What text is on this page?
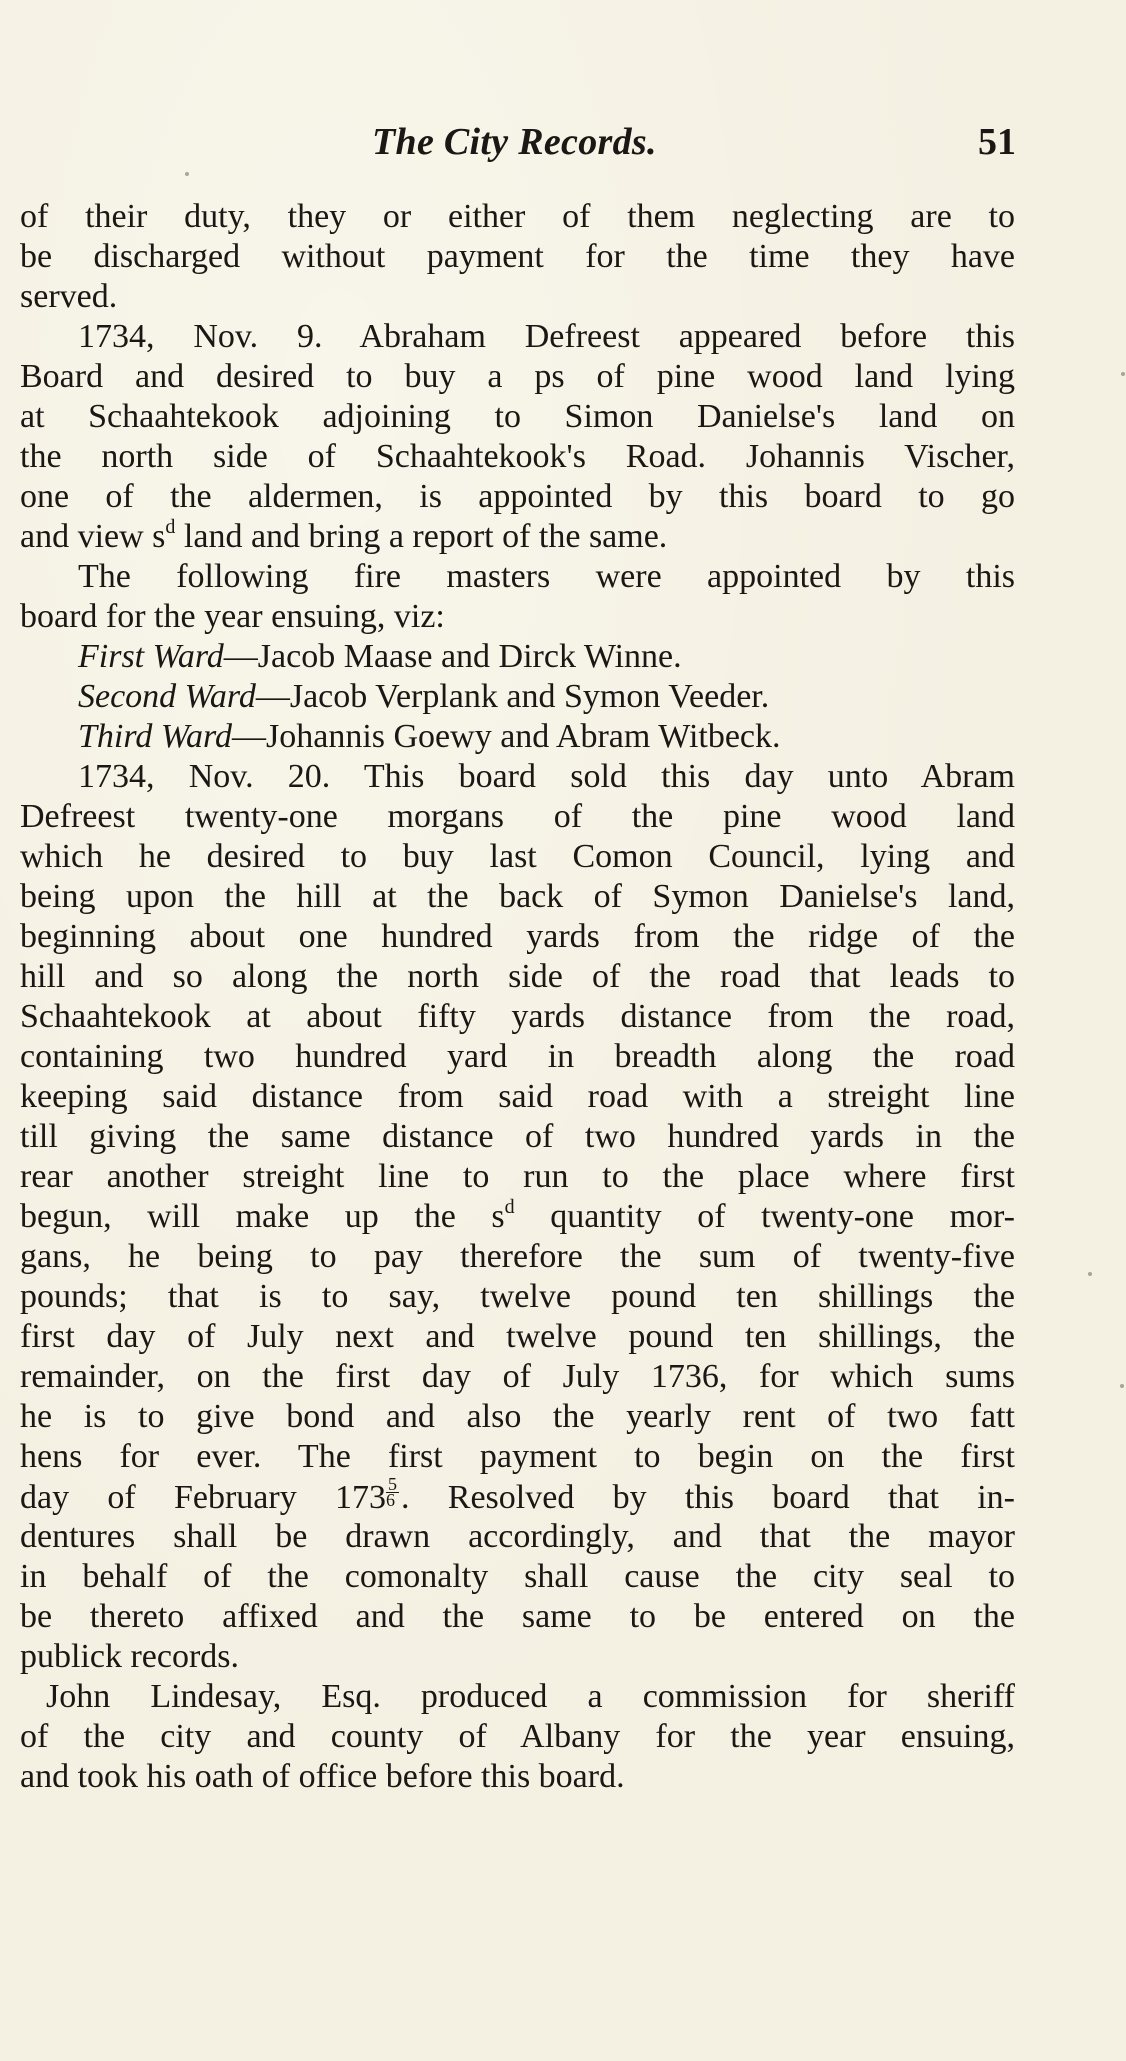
The City Records.	51
of their duty, they or either of them neglecting are to
be discharged without payment for the time they have
served.
1734, Nov. 9. Abraham Defreest appeared before this
Board and desired to buy a ps of pine wood land lying
at Schaahtekook adjoining to Simon Danielse's land on
the north side of Schaahtekook's Road. Johannis Vischer,
one of the aldermen, is appointed by this board to go
and view $s^d$ land and bring a report of the same.
The following fire masters were appointed by this
board for the year ensuing, viz:
First Ward—Jacob Maase and Dirck Winne.
Second Ward—Jacob Verplank and Symon Veeder.
Third Ward—Johannis Goewy and Abram Witbeck.
1734, Nov. 20. This board sold this day unto Abram
Defreest twenty-one morgans of the pine wood land
which he desired to buy last Comon Council, lying and
being upon the hill at the back of Symon Danielse's land,
beginning about one hundred yards from the ridge of the
hill and so along the north side of the road that leads to
Schaahtekook at about fifty yards distance from the road,
containing two hundred yard in breadth along the road
keeping said distance from said road with a streight line
till giving the same distance of two hundred yards in the
rear another streight line to run to the place where first
begun, will make up the $s^d$ quantity of twenty-one mor-
gans, he being to pay therefore the sum of twenty-five
pounds; that is to say, twelve pound ten shillings the
first day of July next and twelve pound ten shillings, the
remainder, on the first day of July 1736, for which sums
he is to give bond and also the yearly rent of two fatt
hens for ever. The first payment to begin on the first
day of February $173 \frac{5}{6}$ . Resolved by this board that in-
dentures shall be drawn accordingly, and that the mayor
in behalf of the comonalty shall cause the city seal to
be thereto affixed and the same to be entered on the
publick records.
John Lindesay, Esq. produced a commission for sheriff
of the city and county of Albany for the year ensuing,
and took his oath of office before this board.
